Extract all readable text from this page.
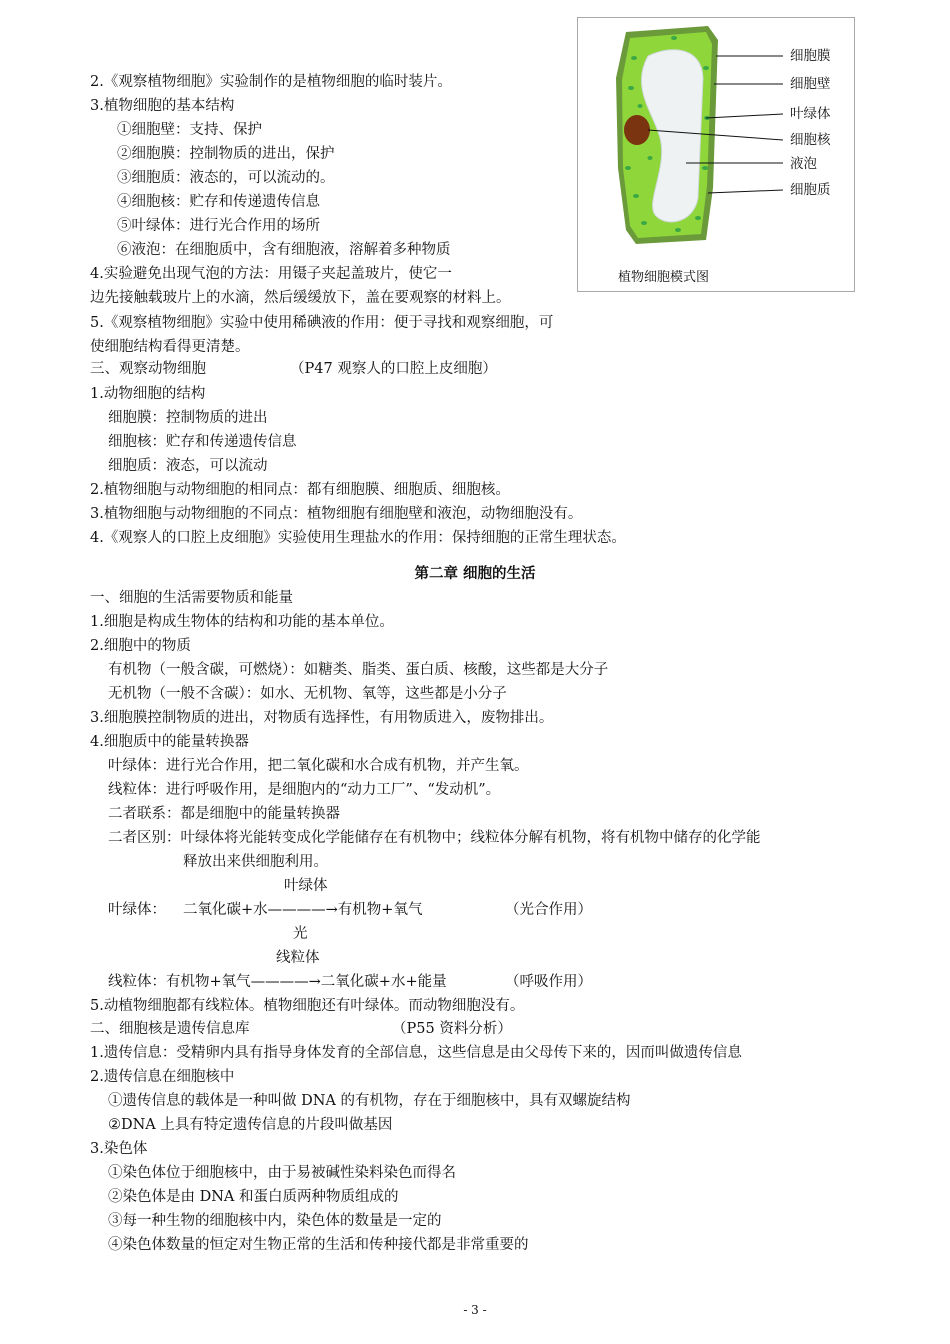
细胞膜
细胞壁
叶绿体
细胞核
液泡
细胞质
植物细胞模式图
2.《观察植物细胞》实验制作的是植物细胞的临时装片。
3.植物细胞的基本结构
①细胞壁：支持、保护
②细胞膜：控制物质的进出，保护
③细胞质：液态的，可以流动的。
④细胞核：贮存和传递遗传信息
⑤叶绿体：进行光合作用的场所
⑥液泡：在细胞质中，含有细胞液，溶解着多种物质
4.实验避免出现气泡的方法：用镊子夹起盖玻片，使它一
边先接触载玻片上的水滴，然后缓缓放下，盖在要观察的材料上。
5.《观察植物细胞》实验中使用稀碘液的作用：便于寻找和观察细胞，可
使细胞结构看得更清楚。
三、观察动物细胞	（P47 观察人的口腔上皮细胞）
1.动物细胞的结构
细胞膜：控制物质的进出
细胞核：贮存和传递遗传信息
细胞质：液态，可以流动
2.植物细胞与动物细胞的相同点：都有细胞膜、细胞质、细胞核。
3.植物细胞与动物细胞的不同点：植物细胞有细胞壁和液泡，动物细胞没有。
4.《观察人的口腔上皮细胞》实验使用生理盐水的作用：保持细胞的正常生理状态。
第二章 细胞的生活
一、细胞的生活需要物质和能量
1.细胞是构成生物体的结构和功能的基本单位。
2.细胞中的物质
有机物（一般含碳，可燃烧）：如糖类、脂类、蛋白质、核酸，这些都是大分子
无机物（一般不含碳）：如水、无机物、氧等，这些都是小分子
3.细胞膜控制物质的进出，对物质有选择性，有用物质进入，废物排出。
4.细胞质中的能量转换器
叶绿体：进行光合作用，把二氧化碳和水合成有机物，并产生氧。
线粒体：进行呼吸作用，是细胞内的“动力工厂”、“发动机”。
二者联系：都是细胞中的能量转换器
二者区别：叶绿体将光能转变成化学能储存在有机物中；线粒体分解有机物，将有机物中储存的化学能
释放出来供细胞利用。
叶绿体
叶绿体： 二氧化碳+水————→有机物+氧气	（光合作用）
光
线粒体
线粒体：有机物+氧气————→二氧化碳+水+能量	（呼吸作用）
5.动植物细胞都有线粒体。植物细胞还有叶绿体。而动物细胞没有。
二、细胞核是遗传信息库	（P55 资料分析）
1.遗传信息：受精卵内具有指导身体发育的全部信息，这些信息是由父母传下来的，因而叫做遗传信息
2.遗传信息在细胞核中
①遗传信息的载体是一种叫做 DNA 的有机物，存在于细胞核中，具有双螺旋结构
②DNA 上具有特定遗传信息的片段叫做基因
3.染色体
①染色体位于细胞核中，由于易被碱性染料染色而得名
②染色体是由 DNA 和蛋白质两种物质组成的
③每一种生物的细胞核中内，染色体的数量是一定的
④染色体数量的恒定对生物正常的生活和传种接代都是非常重要的
- 3 -
